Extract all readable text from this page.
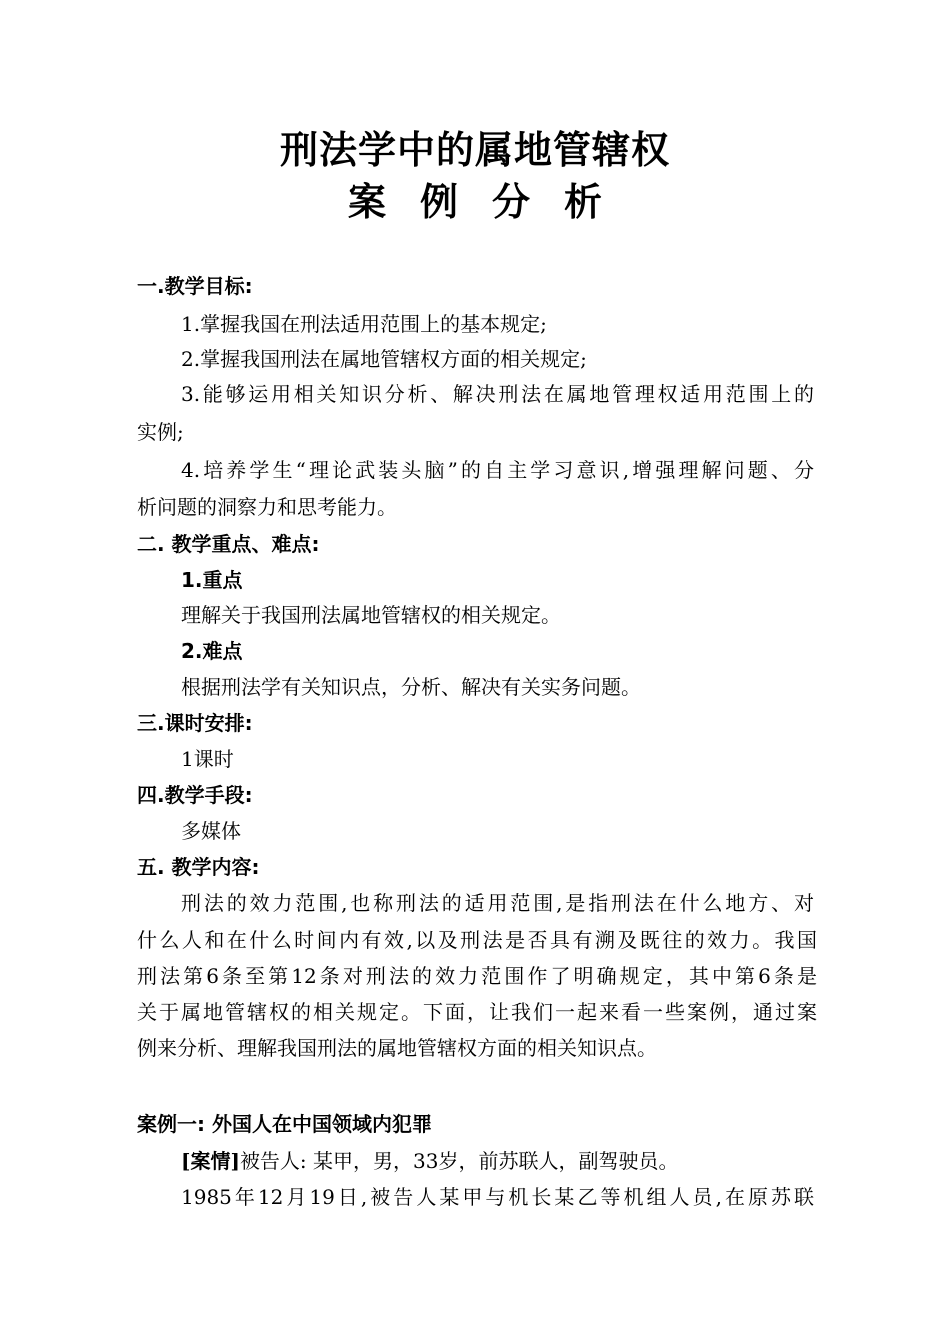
刑法学中的属地管辖权
案例分析
一.教学目标:
1.掌握我国在刑法适用范围上的基本规定;
2.掌握我国刑法在属地管辖权方面的相关规定;
3.能够运用相关知识分析、解决刑法在属地管理权适用范围上的
实例;
4.培养学生“理论武装头脑”的自主学习意识,增强理解问题、分
析问题的洞察力和思考能力。
二. 教学重点、难点:
1.重点
理解关于我国刑法属地管辖权的相关规定。
2.难点
根据刑法学有关知识点，分析、解决有关实务问题。
三.课时安排:
1课时
四.教学手段:
多媒体
五. 教学内容:
刑法的效力范围,也称刑法的适用范围,是指刑法在什么地方、对
什么人和在什么时间内有效,以及刑法是否具有溯及既往的效力。我国
刑法第6条至第12条对刑法的效力范围作了明确规定，其中第6条是
关于属地管辖权的相关规定。下面，让我们一起来看一些案例，通过案
例来分析、理解我国刑法的属地管辖权方面的相关知识点。
案例一: 外国人在中国领域内犯罪
[案情]被告人: 某甲，男，33岁，前苏联人，副驾驶员。
1985年12月19日,被告人某甲与机长某乙等机组人员,在原苏联
